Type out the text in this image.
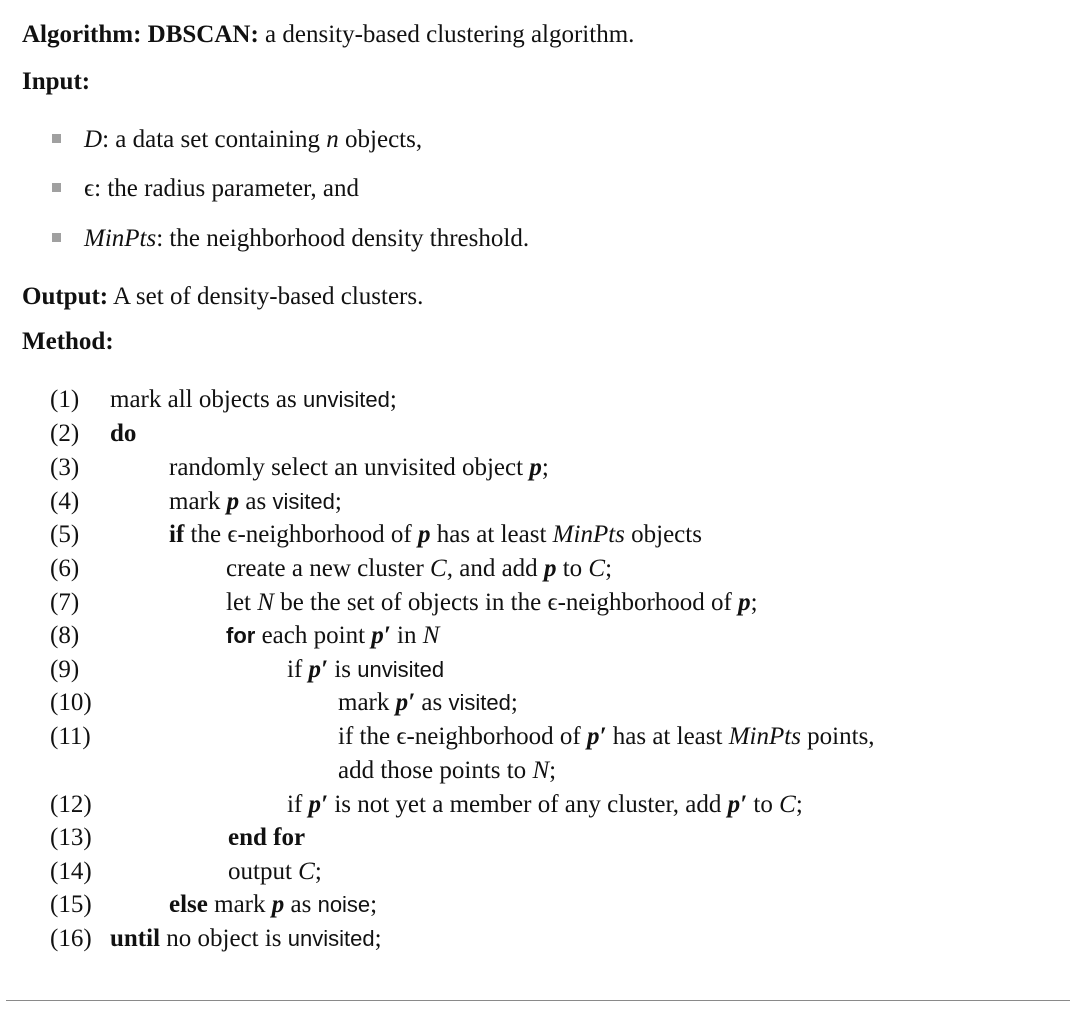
Algorithm: DBSCAN: a density-based clustering algorithm.
Input:
D: a data set containing n objects,
ϵ: the radius parameter, and
MinPts: the neighborhood density threshold.
Output: A set of density-based clusters.
Method:
(1)
(2)
(3)
(4)
(5)
(6)
(7)
(8)
(9)
(10)
(11)
(12)
(13)
(14)
(15)
(16)
mark all objects as unvisited;
do
randomly select an unvisited object p;
mark p as visited;
if the ϵ-neighborhood of p has at least MinPts objects
create a new cluster C, and add p to C;
let N be the set of objects in the ϵ-neighborhood of p;
for each point p′ in N
if p′ is unvisited
mark p′ as visited;
if the ϵ-neighborhood of p′ has at least MinPts points,
add those points to N;
if p′ is not yet a member of any cluster, add p′ to C;
end for
output C;
else mark p as noise;
until no object is unvisited;
